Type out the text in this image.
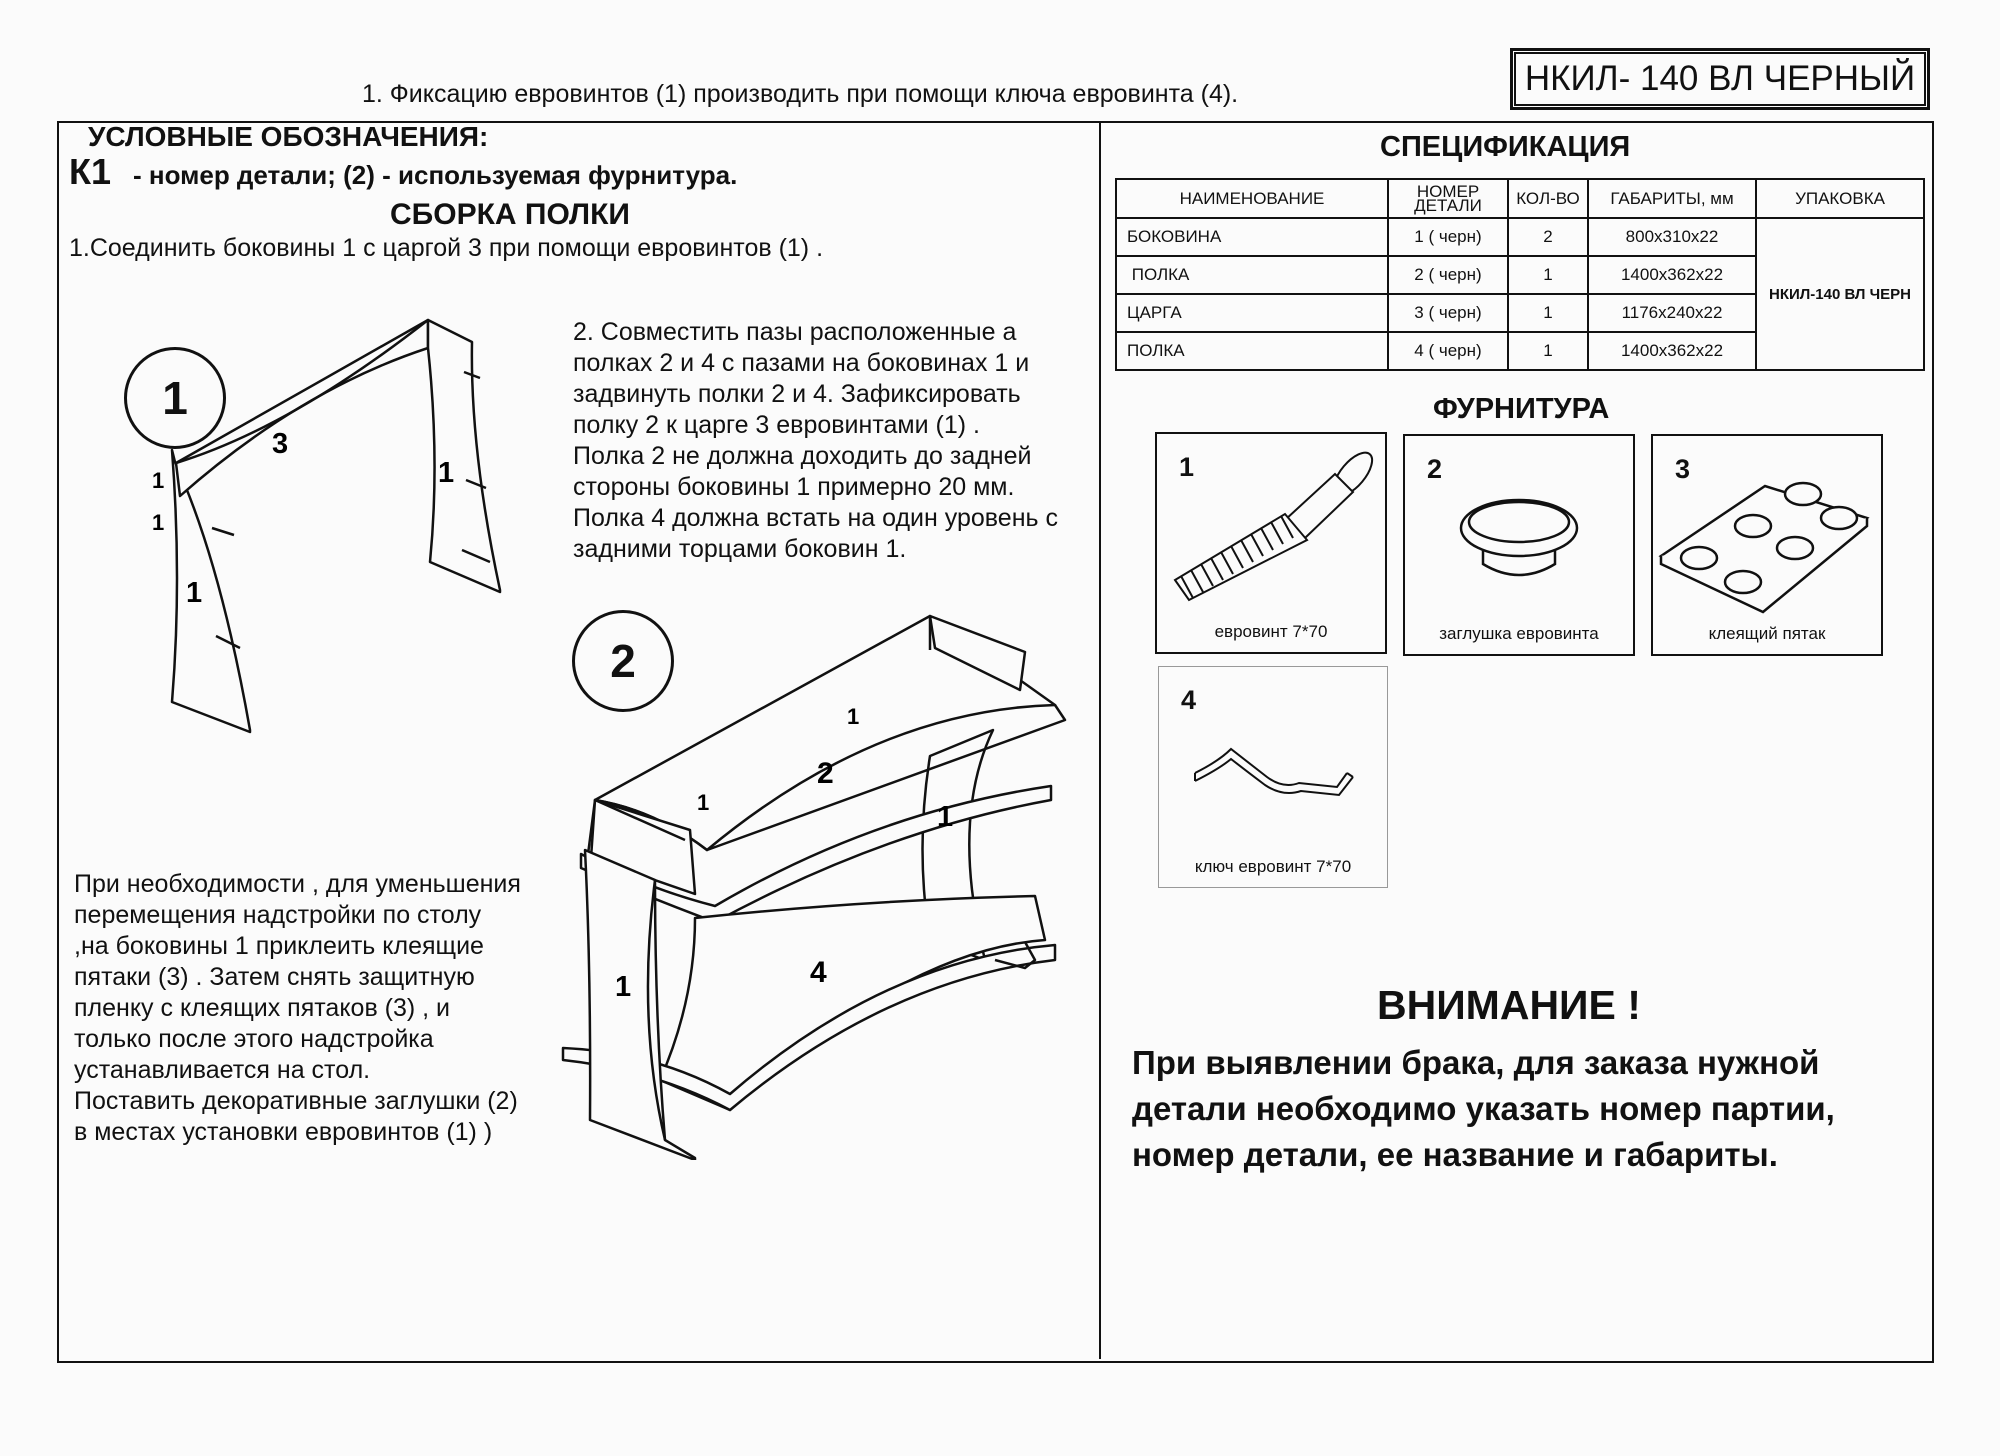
1. Фиксацию евровинтов (1) производить при помощи ключа евровинта (4).	НКИЛ- 140 ВЛ ЧЕРНЫЙ
УСЛОВНЫЕ ОБОЗНАЧЕНИЯ:
К1 - номер детали; (2) - используемая фурнитура.
СБОРКА ПОЛКИ
1.Соединить боковины 1 с царгой 3 при помощи евровинтов (1) .
2. Совместить пазы расположенные а
полках 2 и 4 с пазами на боковинах 1 и
задвинуть полки 2 и 4. Зафиксировать
полку 2 к царге 3 евровинтами (1) .
Полка 2 не должна доходить до задней
стороны боковины 1 примерно 20 мм.
Полка 4 должна встать на один уровень с
задними торцами боковин 1.
При необходимости , для уменьшения
перемещения надстройки по столу
,на боковины 1 приклеить клеящие
пятаки (3) . Затем снять защитную
пленку с клеящих пятаков (3) , и
только после этого надстройка
устанавливается на стол.
Поставить декоративные заглушки (2)
в местах установки евровинтов (1) )
3
1
1
1
1
1
2
4
1
1
1
1
2
СПЕЦИФИКАЦИЯ
НАИМЕНОВАНИЕ	НОМЕР ДЕТАЛИ	КОЛ-ВО	ГАБАРИТЫ, мм	УПАКОВКА
БОКОВИНА	1 ( черн)	2	800х310х22	НКИЛ-140 ВЛ ЧЕРН
ПОЛКА	2 ( черн)	1	1400х362х22	
ЦАРГА	3 ( черн)	1	1176х240х22	
ПОЛКА	4 ( черн)	1	1400х362х22	
ФУРНИТУРА
1
евровинт 7*70
2
заглушка евровинта
3
клеящий пятак
4
ключ евровинт 7*70
ВНИМАНИЕ !
При выявлении брака, для заказа нужной
детали необходимо указать номер партии,
номер детали, ее название и габариты.
